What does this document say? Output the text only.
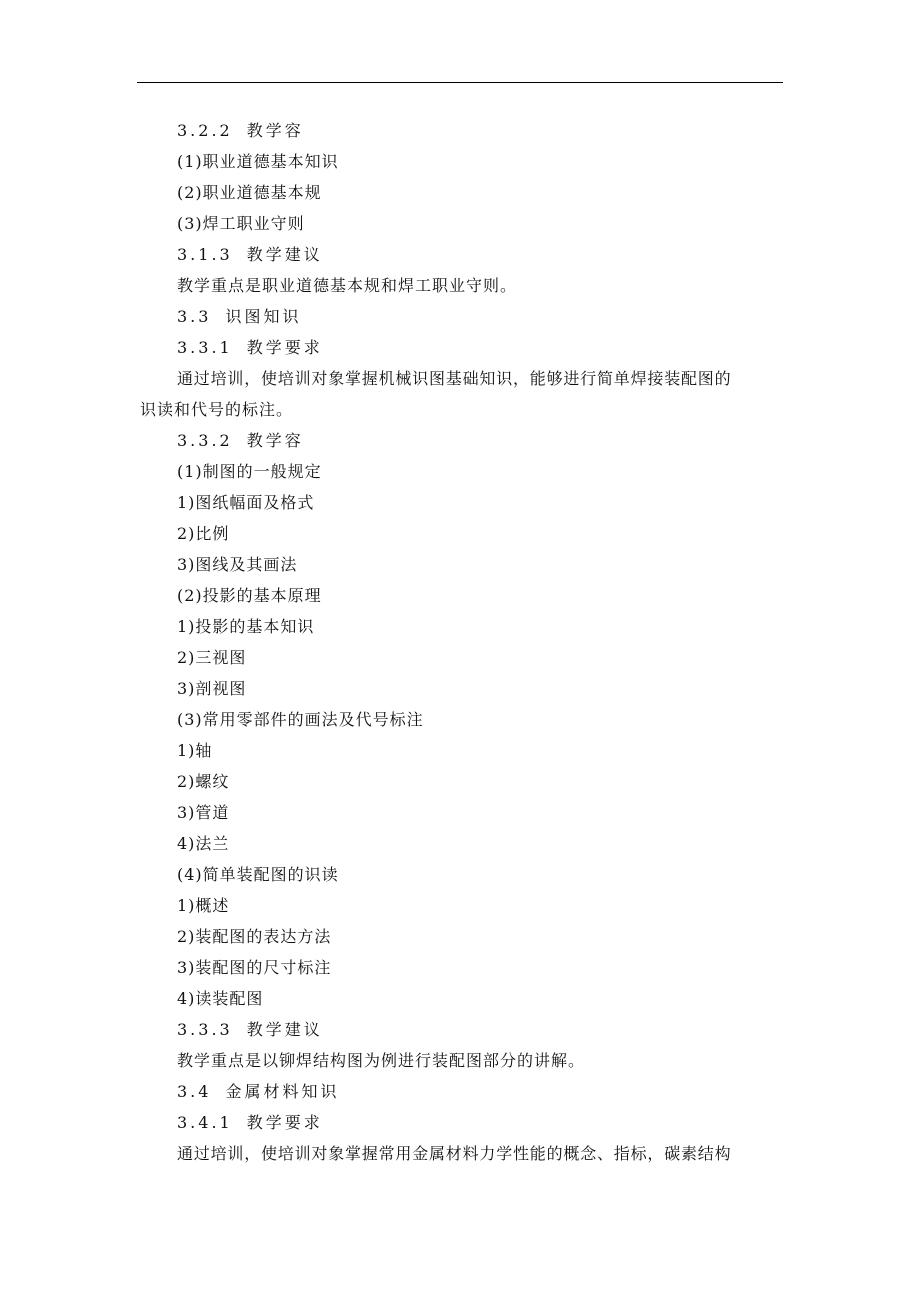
3.2.2 教学容
(1)职业道德基本知识
(2)职业道德基本规
(3)焊工职业守则
3.1.3 教学建议
教学重点是职业道德基本规和焊工职业守则。
3.3 识图知识
3.3.1 教学要求
通过培训，使培训对象掌握机械识图基础知识，能够进行简单焊接装配图的
识读和代号的标注。
3.3.2 教学容
(1)制图的一般规定
1)图纸幅面及格式
2)比例
3)图线及其画法
(2)投影的基本原理
1)投影的基本知识
2)三视图
3)剖视图
(3)常用零部件的画法及代号标注
1)轴
2)螺纹
3)管道
4)法兰
(4)简单装配图的识读
1)概述
2)装配图的表达方法
3)装配图的尺寸标注
4)读装配图
3.3.3 教学建议
教学重点是以铆焊结构图为例进行装配图部分的讲解。
3.4 金属材料知识
3.4.1 教学要求
通过培训，使培训对象掌握常用金属材料力学性能的概念、指标，碳素结构
